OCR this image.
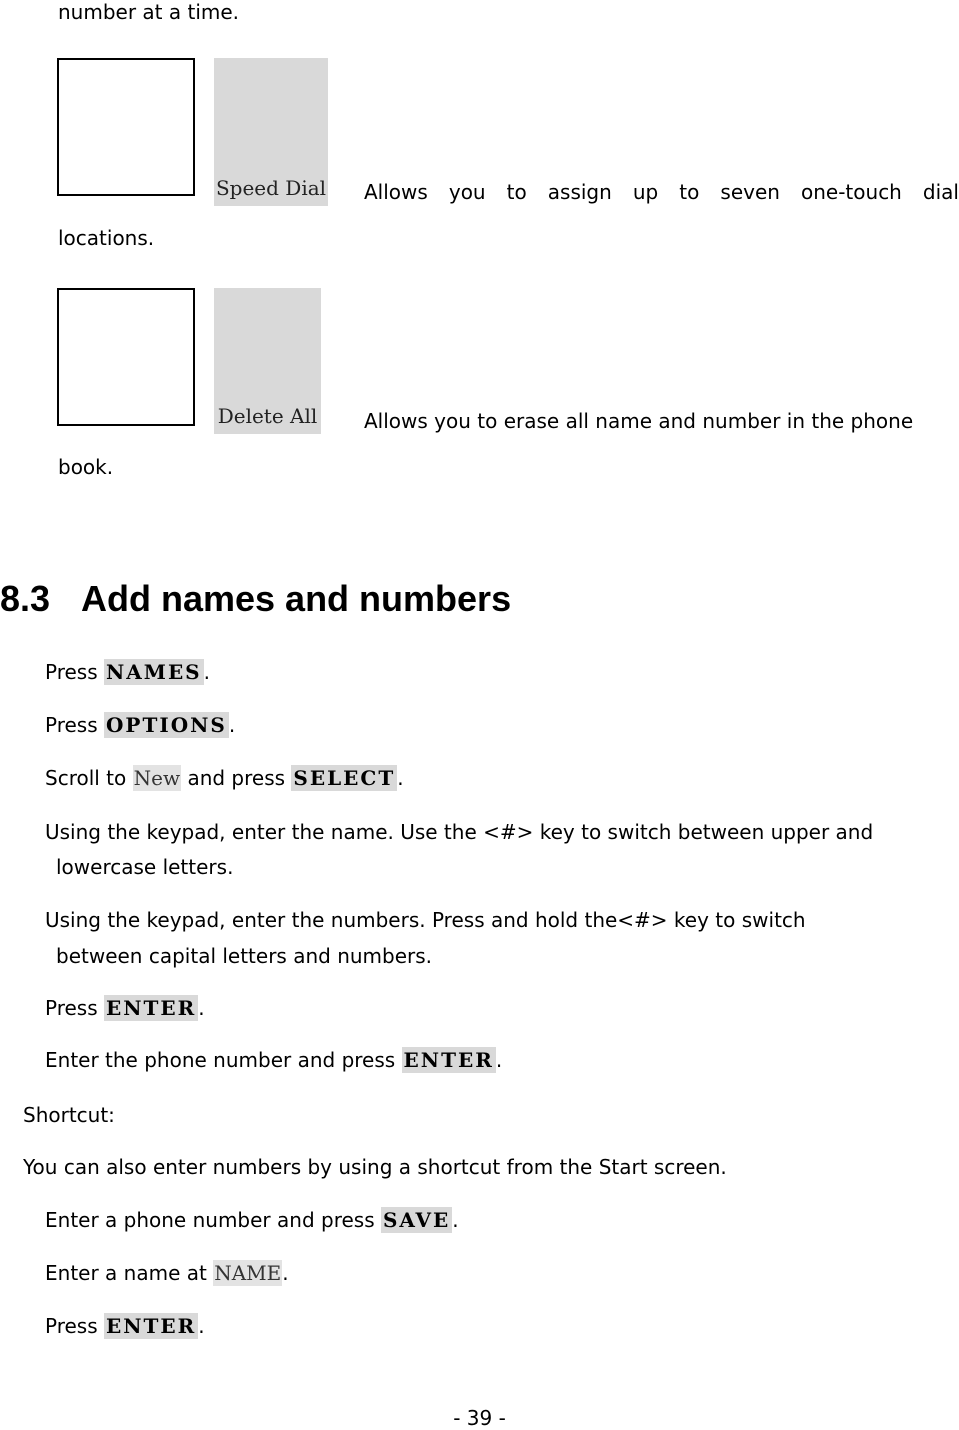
number at a time.
Speed Dial Allows you to assign up to seven one-touch dial
locations.
Delete All Allows you to erase all name and number in the phone
book.
8.3 Add names and numbers
Press NAMES .
Press OPTIONS .
Scroll to New and press SELECT .
Using the keypad, enter the name. Use the <#> key to switch between upper and
lowercase letters.
Using the keypad, enter the numbers. Press and hold the<#> key to switch
between capital letters and numbers.
Press ENTER .
Enter the phone number and press ENTER .
Shortcut:
You can also enter numbers by using a shortcut from the Start screen.
Enter a phone number and press SAVE .
Enter a name at NAME.
Press ENTER .
- 39 -
